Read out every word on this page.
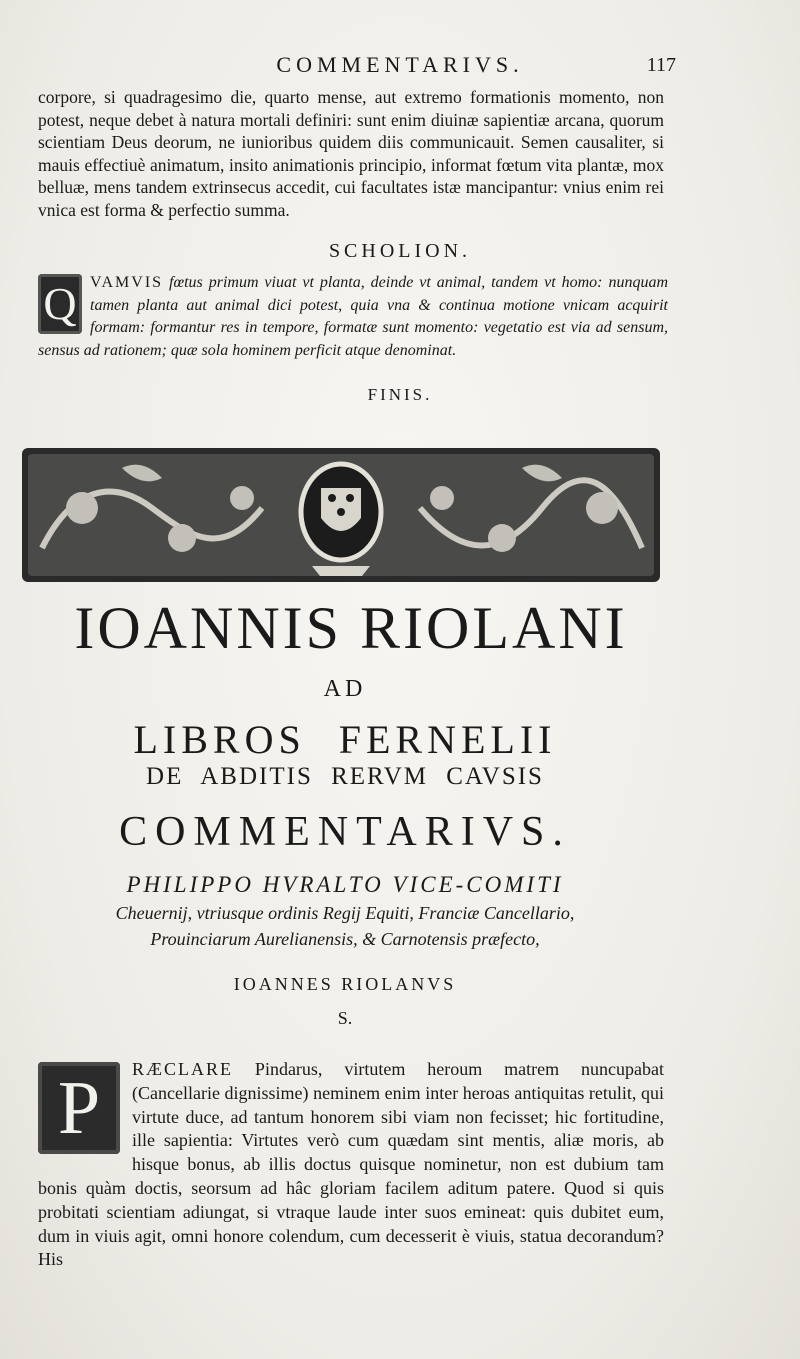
COMMENTARIVS.	117
corpore, si quadragesimo die, quarto mense, aut extremo formationis momento, non potest, neque debet à natura mortali definiri: sunt enim diuinæ sapientiæ arcana, quorum scientiam Deus deorum, ne iunioribus quidem diis communicauit. Semen causaliter, si mauis effectiuè animatum, insito animationis principio, informat fœtum vita plantæ, mox belluæ, mens tandem extrinsecus accedit, cui facultates istæ mancipantur: vnius enim rei vnica est forma & perfectio summa.
SCHOLION.
Q VAMVIS fœtus primum viuat vt planta, deinde vt animal, tandem vt homo: nunquam tamen planta aut animal dici potest, quia vna & continua motione vnicam acquirit formam: formantur res in tempore, formatæ sunt momento: vegetatio est via ad sensum, sensus ad rationem; quæ sola hominem perficit atque denominat.
FINIS.
IOANNIS RIOLANI
AD
LIBROS FERNELII
DE ABDITIS RERVM CAVSIS
COMMENTARIVS.
PHILIPPO HVRALTO VICE-COMITI
Cheuernij, vtriusque ordinis Regij Equiti, Franciæ Cancellario,
Prouinciarum Aurelianensis, & Carnotensis præfecto,
IOANNES RIOLANVS
S.
P	RÆCLARE Pindarus, virtutem heroum matrem nuncupabat (Cancellarie dignissime) neminem enim inter heroas antiquitas retulit, qui virtute duce, ad tantum honorem sibi viam non fecisset; hic fortitudine, ille sapientia: Virtutes verò cum quædam sint mentis, aliæ moris, ab hisque bonus, ab illis doctus quisque nominetur, non est dubium tam bonis quàm doctis, seorsum ad hâc gloriam facilem aditum patere. Quod si quis probitati scientiam adiungat, si vtraque laude inter suos emineat: quis dubitet eum, dum in viuis agit, omni honore colendum, cum decesserit è viuis, statua decorandum? His
